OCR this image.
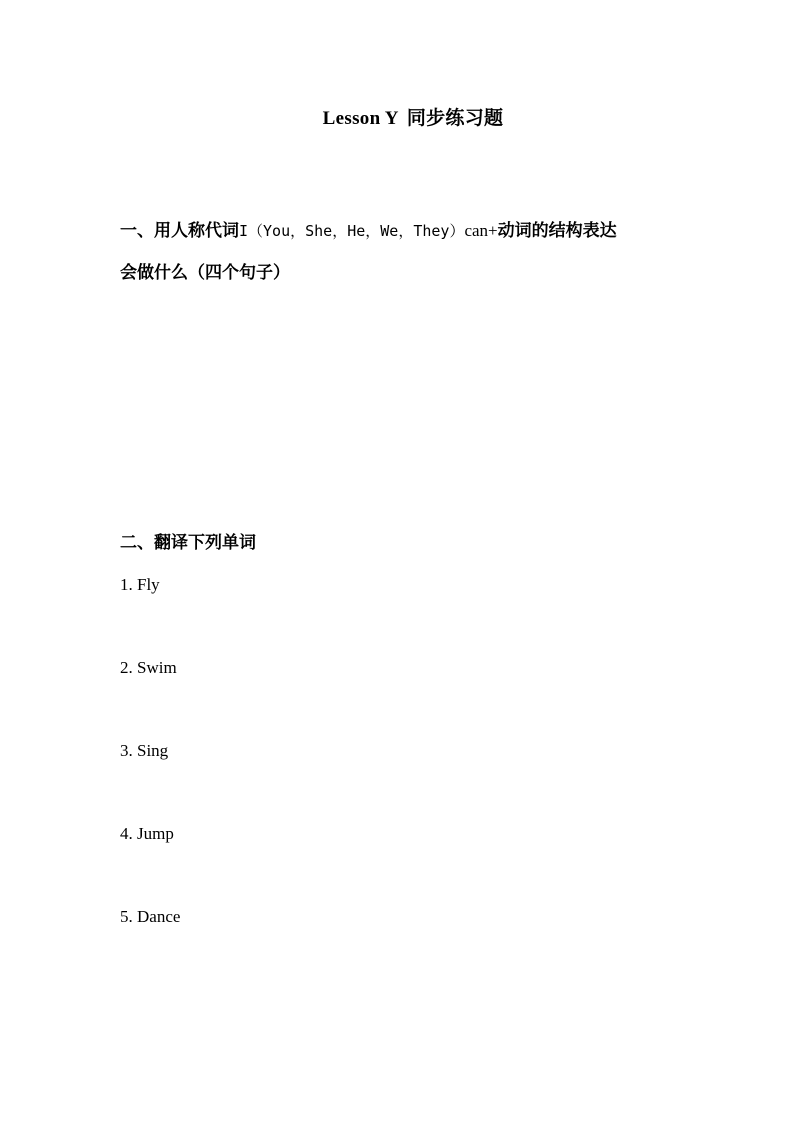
Lesson Y 同步练习题
一、用人称代词I（You，She，He，We，They）can+动词的结构表达
会做什么（四个句子）
二、翻译下列单词
1. Fly
2. Swim
3. Sing
4. Jump
5. Dance
